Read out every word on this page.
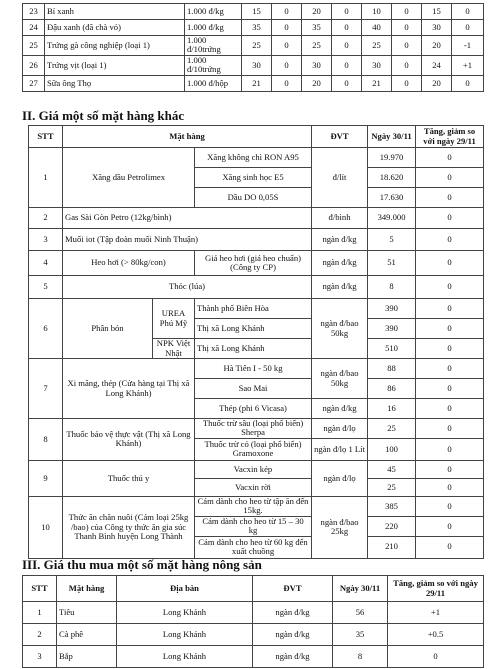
23	Bí xanh	1.000 đ/kg	15	0	20	0	10	0	15	0
24	Đậu xanh (đã chà vỏ)	1.000 đ/kg	35	0	35	0	40	0	30	0
25	Trứng gà công nghiệp (loại 1)	1.000 đ/10trứng	25	0	25	0	25	0	20	-1
26	Trứng vịt (loại 1)	1.000 đ/10trứng	30	0	30	0	30	0	24	+1
27	Sữa ông Thọ	1.000 đ/hộp	21	0	20	0	21	0	20	0
II. Giá một số mặt hàng khác
STT	Mặt hàng			ĐVT	Ngày 30/11	Tăng, giảm so với ngày 29/11
1	Xăng dầu Petrolimex		Xăng không chì RON A95	đ/lít	19.970	0
			Xăng sinh học E5		18.620	0
			Dầu DO 0,05S		17.630	0
2	Gas Sài Gòn Petro (12kg/bình)			đ/bình	349.000	0
3	Muối iot (Tập đoàn muối Ninh Thuận)			ngàn đ/kg	5	0
4	Heo hơi (> 80kg/con)		Giá heo hơi (giá heo chuẩn) (Công ty CP)	ngàn đ/kg	51	0
5	Thóc (lúa)			ngàn đ/kg	8	0
6	Phân bón	UREA Phú Mỹ	Thành phố Biên Hòa	ngàn đ/bao 50kg	390	0
			Thị xã Long Khánh		390	0
		NPK Việt Nhật	Thị xã Long Khánh		510	0
7	Xi măng, thép (Cửa hàng tại Thị xã Long Khánh)		Hà Tiên I - 50 kg	ngàn đ/bao 50kg	88	0
			Sao Mai		86	0
			Thép (phi 6 Vicasa)	ngàn đ/kg	16	0
8	Thuốc bảo vệ thực vật (Thị xã Long Khánh)		Thuốc trừ sâu (loại phổ biến) Sherpa	ngàn đ/lọ	25	0
			Thuốc trừ cỏ (loại phổ biến) Gramoxone	ngàn đ/lọ 1 Lít	100	0
9	Thuốc thú y		Vacxin kép	ngàn đ/lọ	45	0
			Vacxin rời		25	0
10	Thức ăn chăn nuôi (Cám loại 25kg /bao) của Công ty thức ăn gia súc Thanh Bình huyện Long Thành		Cám dành cho heo từ tập ăn đến 15kg.	ngàn đ/bao 25kg	385	0
			Cám dành cho heo từ 15 – 30 kg		220	0
			Cám dành cho heo từ 60 kg đến xuất chuồng		210	0
III. Giá thu mua một số mặt hàng nông sản
STT	Mặt hàng	Địa bàn	ĐVT	Ngày 30/11	Tăng, giảm so với ngày 29/11
1	Tiêu	Long Khánh	ngàn đ/kg	56	+1
2	Cà phê	Long Khánh	ngàn đ/kg	35	+0.5
3	Bắp	Long Khánh	ngàn đ/kg	8	0
